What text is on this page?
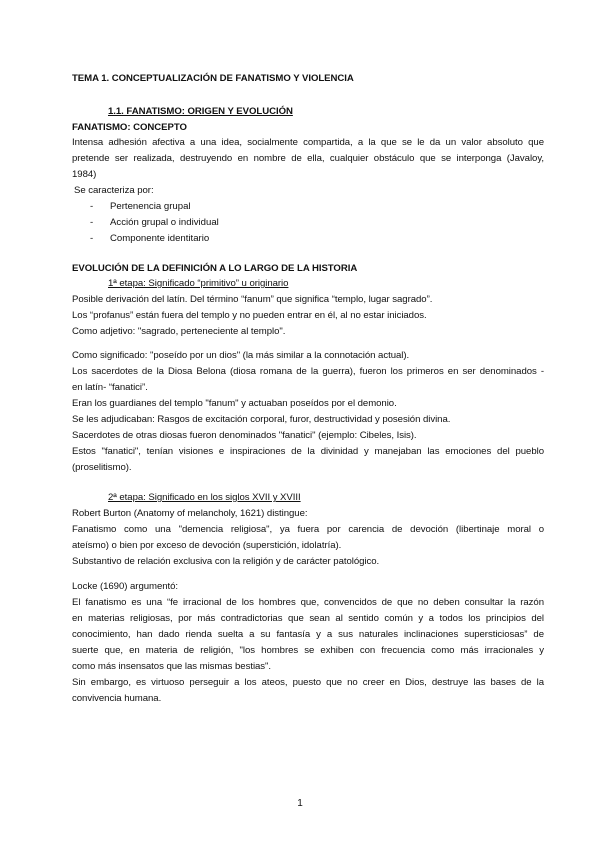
TEMA 1. CONCEPTUALIZACIÓN DE FANATISMO Y VIOLENCIA
1.1. FANATISMO: ORIGEN Y EVOLUCIÓN
FANATISMO: CONCEPTO
Intensa adhesión afectiva a una idea, socialmente compartida, a la que se le da un valor absoluto que
pretende ser realizada, destruyendo en nombre de ella, cualquier obstáculo que se interponga (Javaloy,
1984)
Se caracteriza por:
- Pertenencia grupal
- Acción grupal o individual
- Componente identitario
EVOLUCIÓN DE LA DEFINICIÓN A LO LARGO DE LA HISTORIA
1ª etapa: Significado “primitivo” u originario
Posible derivación del latín. Del término “fanum” que significa “templo, lugar sagrado”.
Los “profanus” están fuera del templo y no pueden entrar en él, al no estar iniciados.
Como adjetivo: "sagrado, perteneciente al templo".
Como significado: "poseído por un dios" (la más similar a la connotación actual).
Los sacerdotes de la Diosa Belona (diosa romana de la guerra), fueron los primeros en ser denominados -
en latín- “fanatici”.
Eran los guardianes del templo "fanum" y actuaban poseídos por el demonio.
Se les adjudicaban: Rasgos de excitación corporal, furor, destructividad y posesión divina.
Sacerdotes de otras diosas fueron denominados "fanatici" (ejemplo: Cibeles, Isis).
Estos "fanatici", tenían visiones e inspiraciones de la divinidad y manejaban las emociones del pueblo
(proselitismo).
2ª etapa: Significado en los siglos XVII y XVIII
Robert Burton (Anatomy of melancholy, 1621) distingue:
Fanatismo como una "demencia religiosa", ya fuera por carencia de devoción (libertinaje moral o
ateísmo) o bien por exceso de devoción (superstición, idolatría).
Substantivo de relación exclusiva con la religión y de carácter patológico.
Locke (1690) argumentó:
El fanatismo es una “fe irracional de los hombres que, convencidos de que no deben consultar la razón
en materias religiosas, por más contradictorias que sean al sentido común y a todos los principios del
conocimiento, han dado rienda suelta a su fantasía y a sus naturales inclinaciones supersticiosas” de
suerte que, en materia de religión, "los hombres se exhiben con frecuencia como más irracionales y
como más insensatos que las mismas bestias".
Sin embargo, es virtuoso perseguir a los ateos, puesto que no creer en Dios, destruye las bases de la
convivencia humana.
1
